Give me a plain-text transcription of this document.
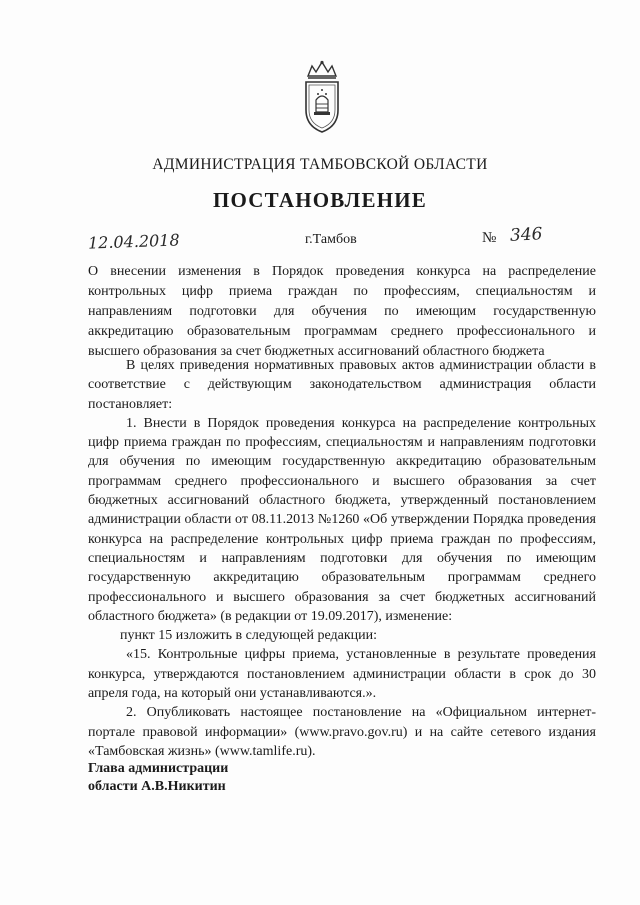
АДМИНИСТРАЦИЯ ТАМБОВСКОЙ ОБЛАСТИ
ПОСТАНОВЛЕНИЕ
12.04.2018	г.Тамбов	№ 346
О внесении изменения в Порядок проведения конкурса на распределение контрольных цифр приема граждан по профессиям, специальностям и направлениям подготовки для обучения по имеющим государственную аккредитацию образовательным программам среднего профессионального и высшего образования за счет бюджетных ассигнований областного бюджета

В целях приведения нормативных правовых актов администрации области в соответствие с действующим законодательством администрация области постановляет:

1. Внести в Порядок проведения конкурса на распределение контрольных цифр приема граждан по профессиям, специальностям и направлениям подготовки для обучения по имеющим государственную аккредитацию образовательным программам среднего профессионального и высшего образования за счет бюджетных ассигнований областного бюджета, утвержденный постановлением администрации области от 08.11.2013 №1260 «Об утверждении Порядка проведения конкурса на распределение контрольных цифр приема граждан по профессиям, специальностям и направлениям подготовки для обучения по имеющим государственную аккредитацию образовательным программам среднего профессионального и высшего образования за счет бюджетных ассигнований областного бюджета» (в редакции от 19.09.2017), изменение:

пункт 15 изложить в следующей редакции:

«15. Контрольные цифры приема, установленные в результате проведения конкурса, утверждаются постановлением администрации области в срок до 30 апреля года, на который они устанавливаются.».

2. Опубликовать настоящее постановление на «Официальном интернет-портале правовой информации» (www.pravo.gov.ru) и на сайте сетевого издания «Тамбовская жизнь» (www.tamlife.ru).

Глава администрации
области А.В.Никитин
